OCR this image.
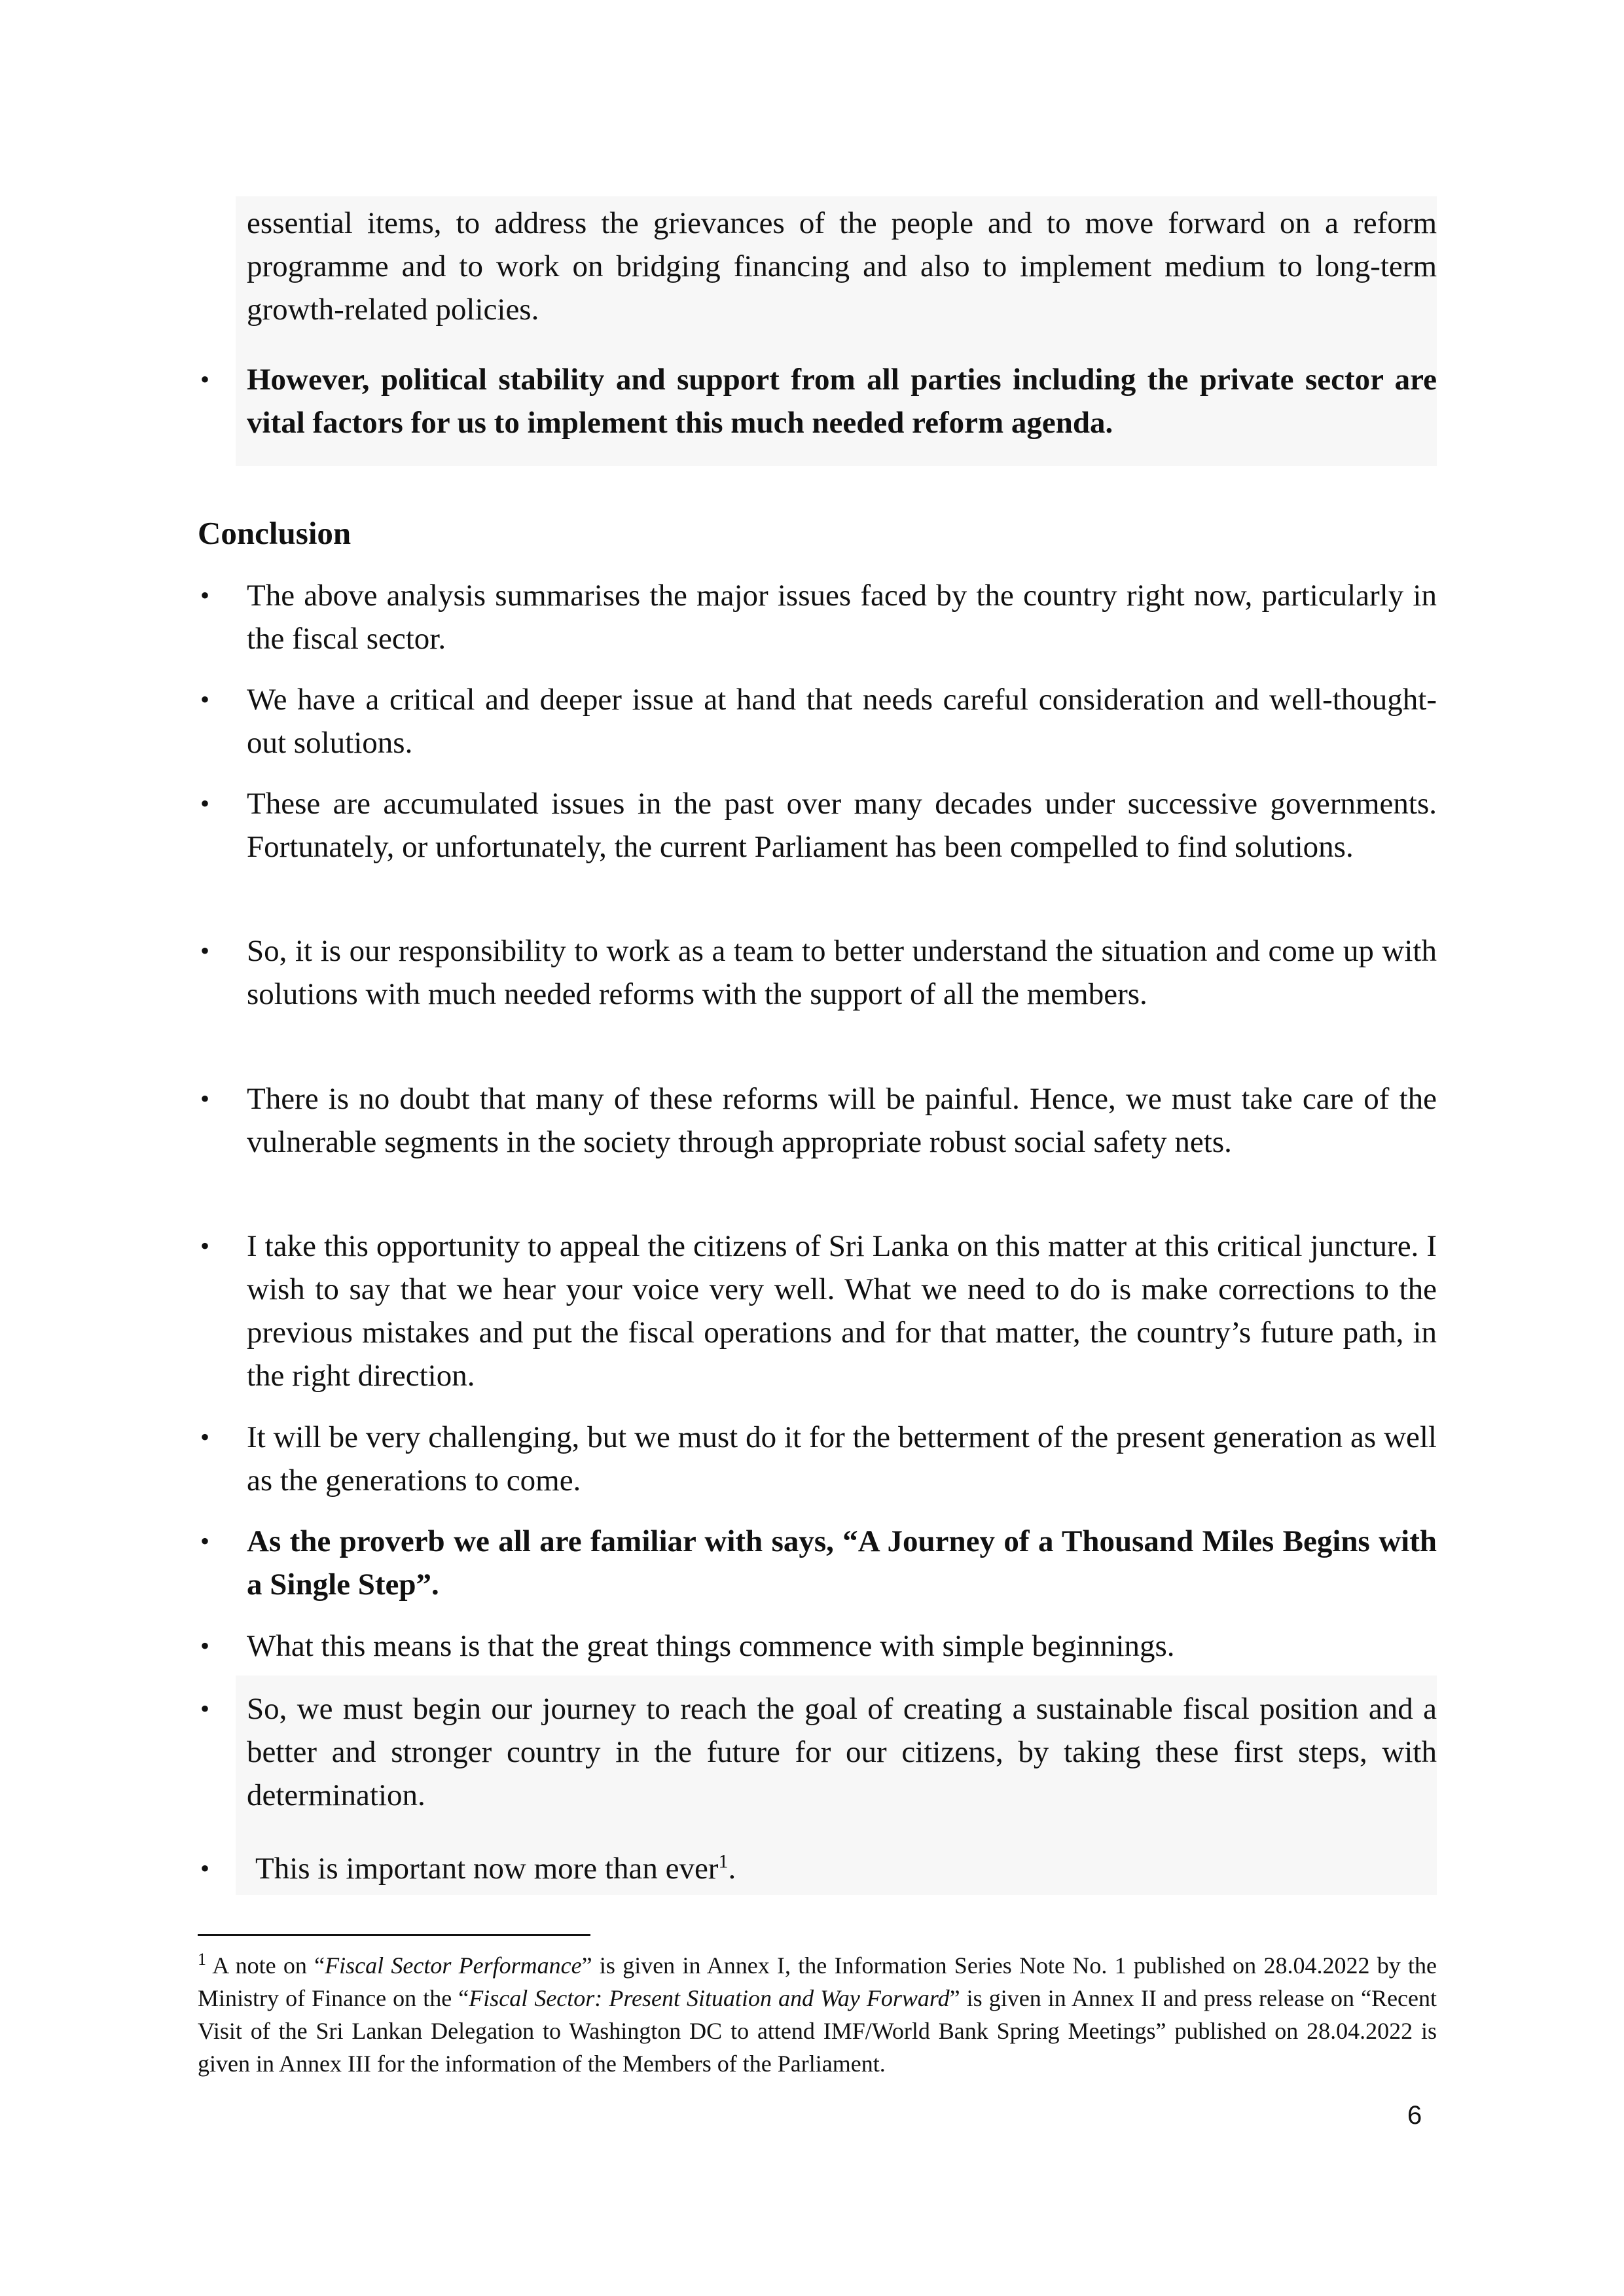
essential items, to address the grievances of the people and to move forward on a reform programme and to work on bridging financing and also to implement medium to long-term growth-related policies.
• However, political stability and support from all parties including the private sector are vital factors for us to implement this much needed reform agenda.
Conclusion
• The above analysis summarises the major issues faced by the country right now, particularly in the fiscal sector.
• We have a critical and deeper issue at hand that needs careful consideration and well-thought-out solutions.
• These are accumulated issues in the past over many decades under successive governments. Fortunately, or unfortunately, the current Parliament has been compelled to find solutions.
• So, it is our responsibility to work as a team to better understand the situation and come up with solutions with much needed reforms with the support of all the members.
• There is no doubt that many of these reforms will be painful. Hence, we must take care of the vulnerable segments in the society through appropriate robust social safety nets.
• I take this opportunity to appeal the citizens of Sri Lanka on this matter at this critical juncture. I wish to say that we hear your voice very well. What we need to do is make corrections to the previous mistakes and put the fiscal operations and for that matter, the country’s future path, in the right direction.
• It will be very challenging, but we must do it for the betterment of the present generation as well as the generations to come.
• As the proverb we all are familiar with says, “A Journey of a Thousand Miles Begins with a Single Step”.
• What this means is that the great things commence with simple beginnings.
• So, we must begin our journey to reach the goal of creating a sustainable fiscal position and a better and stronger country in the future for our citizens, by taking these first steps, with determination.
• This is important now more than ever$^1$.
$^1$ A note on “Fiscal Sector Performance” is given in Annex I, the Information Series Note No. 1 published on 28.04.2022 by the Ministry of Finance on the “Fiscal Sector: Present Situation and Way Forward” is given in Annex II and press release on “Recent Visit of the Sri Lankan Delegation to Washington DC to attend IMF/World Bank Spring Meetings” published on 28.04.2022 is given in Annex III for the information of the Members of the Parliament.
6
